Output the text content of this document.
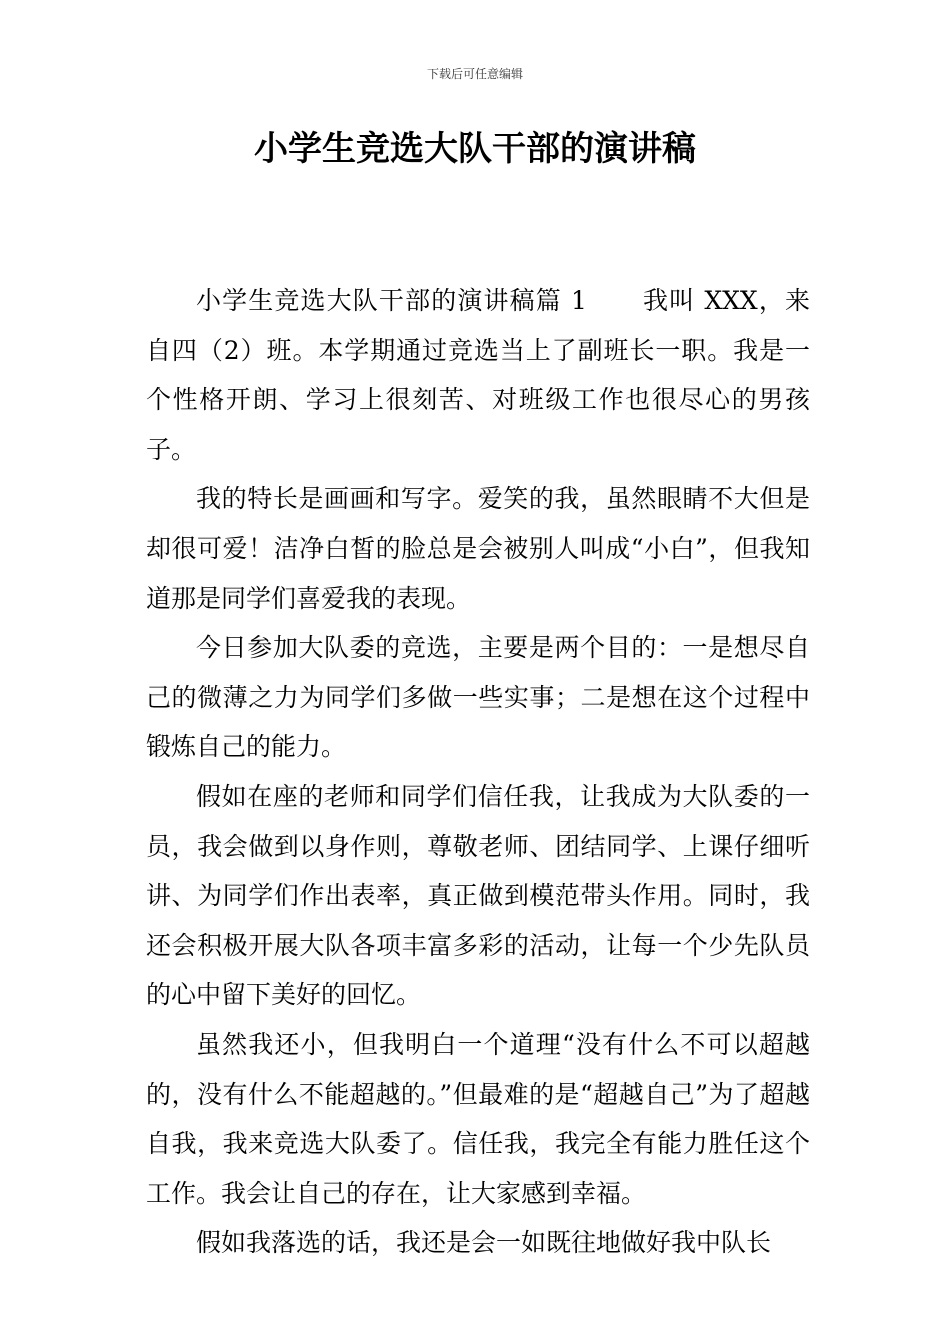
下载后可任意编辑
小学生竞选大队干部的演讲稿

小学生竞选大队干部的演讲稿篇 1 我叫 XXX，来自四（2）班。本学期通过竞选当上了副班长一职。我是一个性格开朗、学习上很刻苦、对班级工作也很尽心的男孩子。

我的特长是画画和写字。爱笑的我，虽然眼睛不大但是却很可爱！洁净白皙的脸总是会被别人叫成“小白”，但我知道那是同学们喜爱我的表现。

今日参加大队委的竞选，主要是两个目的：一是想尽自己的微薄之力为同学们多做一些实事；二是想在这个过程中锻炼自己的能力。

假如在座的老师和同学们信任我，让我成为大队委的一员，我会做到以身作则，尊敬老师、团结同学、上课仔细听讲、为同学们作出表率，真正做到模范带头作用。同时，我还会积极开展大队各项丰富多彩的活动，让每一个少先队员的心中留下美好的回忆。

虽然我还小，但我明白一个道理“没有什么不可以超越的，没有什么不能超越的。”但最难的是“超越自己”为了超越自我，我来竞选大队委了。信任我，我完全有能力胜任这个工作。我会让自己的存在，让大家感到幸福。

假如我落选的话，我还是会一如既往地做好我中队长
